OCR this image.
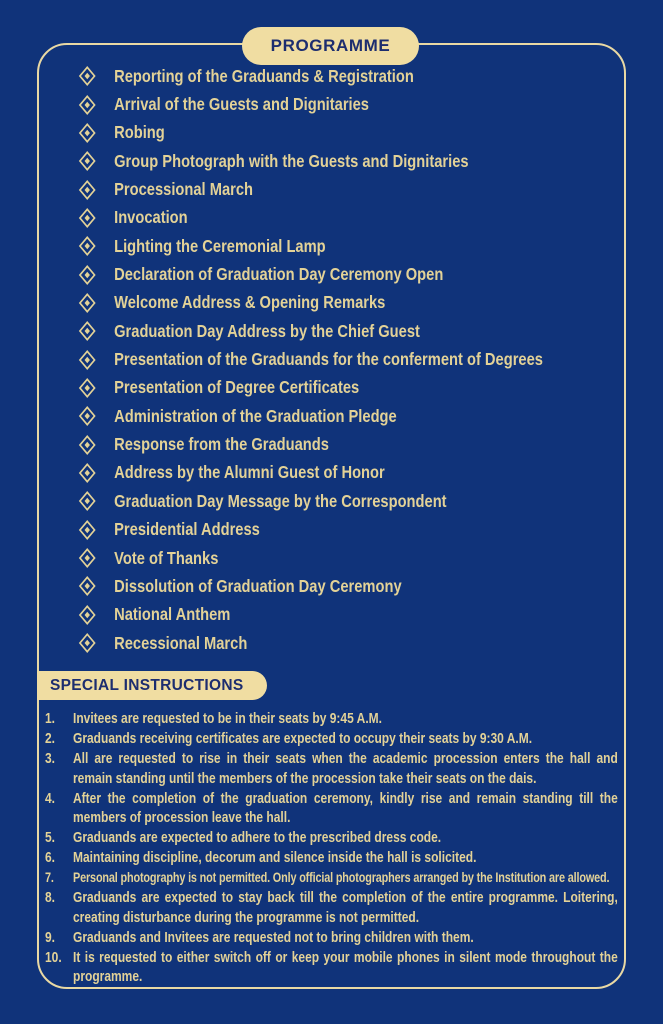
PROGRAMME
Reporting of the Graduands & Registration
Arrival of the Guests and Dignitaries
Robing
Group Photograph with the Guests and Dignitaries
Processional March
Invocation
Lighting the Ceremonial Lamp
Declaration of Graduation Day Ceremony Open
Welcome Address & Opening Remarks
Graduation Day Address by the Chief Guest
Presentation of the Graduands for the conferment of Degrees
Presentation of Degree Certificates
Administration of the Graduation Pledge
Response from the Graduands
Address by the Alumni Guest of Honor
Graduation Day Message by the Correspondent
Presidential Address
Vote of Thanks
Dissolution of Graduation Day Ceremony
National Anthem
Recessional March
SPECIAL INSTRUCTIONS
1. Invitees are requested to be in their seats by 9:45 A.M.
2. Graduands receiving certificates are expected to occupy their seats by 9:30 A.M.
3. All are requested to rise in their seats when the academic procession enters the hall and remain standing until the members of the procession take their seats on the dais.
4. After the completion of the graduation ceremony, kindly rise and remain standing till the members of procession leave the hall.
5. Graduands are expected to adhere to the prescribed dress code.
6. Maintaining discipline, decorum and silence inside the hall is solicited.
7. Personal photography is not permitted. Only official photographers arranged by the Institution are allowed.
8. Graduands are expected to stay back till the completion of the entire programme. Loitering, creating disturbance during the programme is not permitted.
9. Graduands and Invitees are requested not to bring children with them.
10. It is requested to either switch off or keep your mobile phones in silent mode throughout the programme.
